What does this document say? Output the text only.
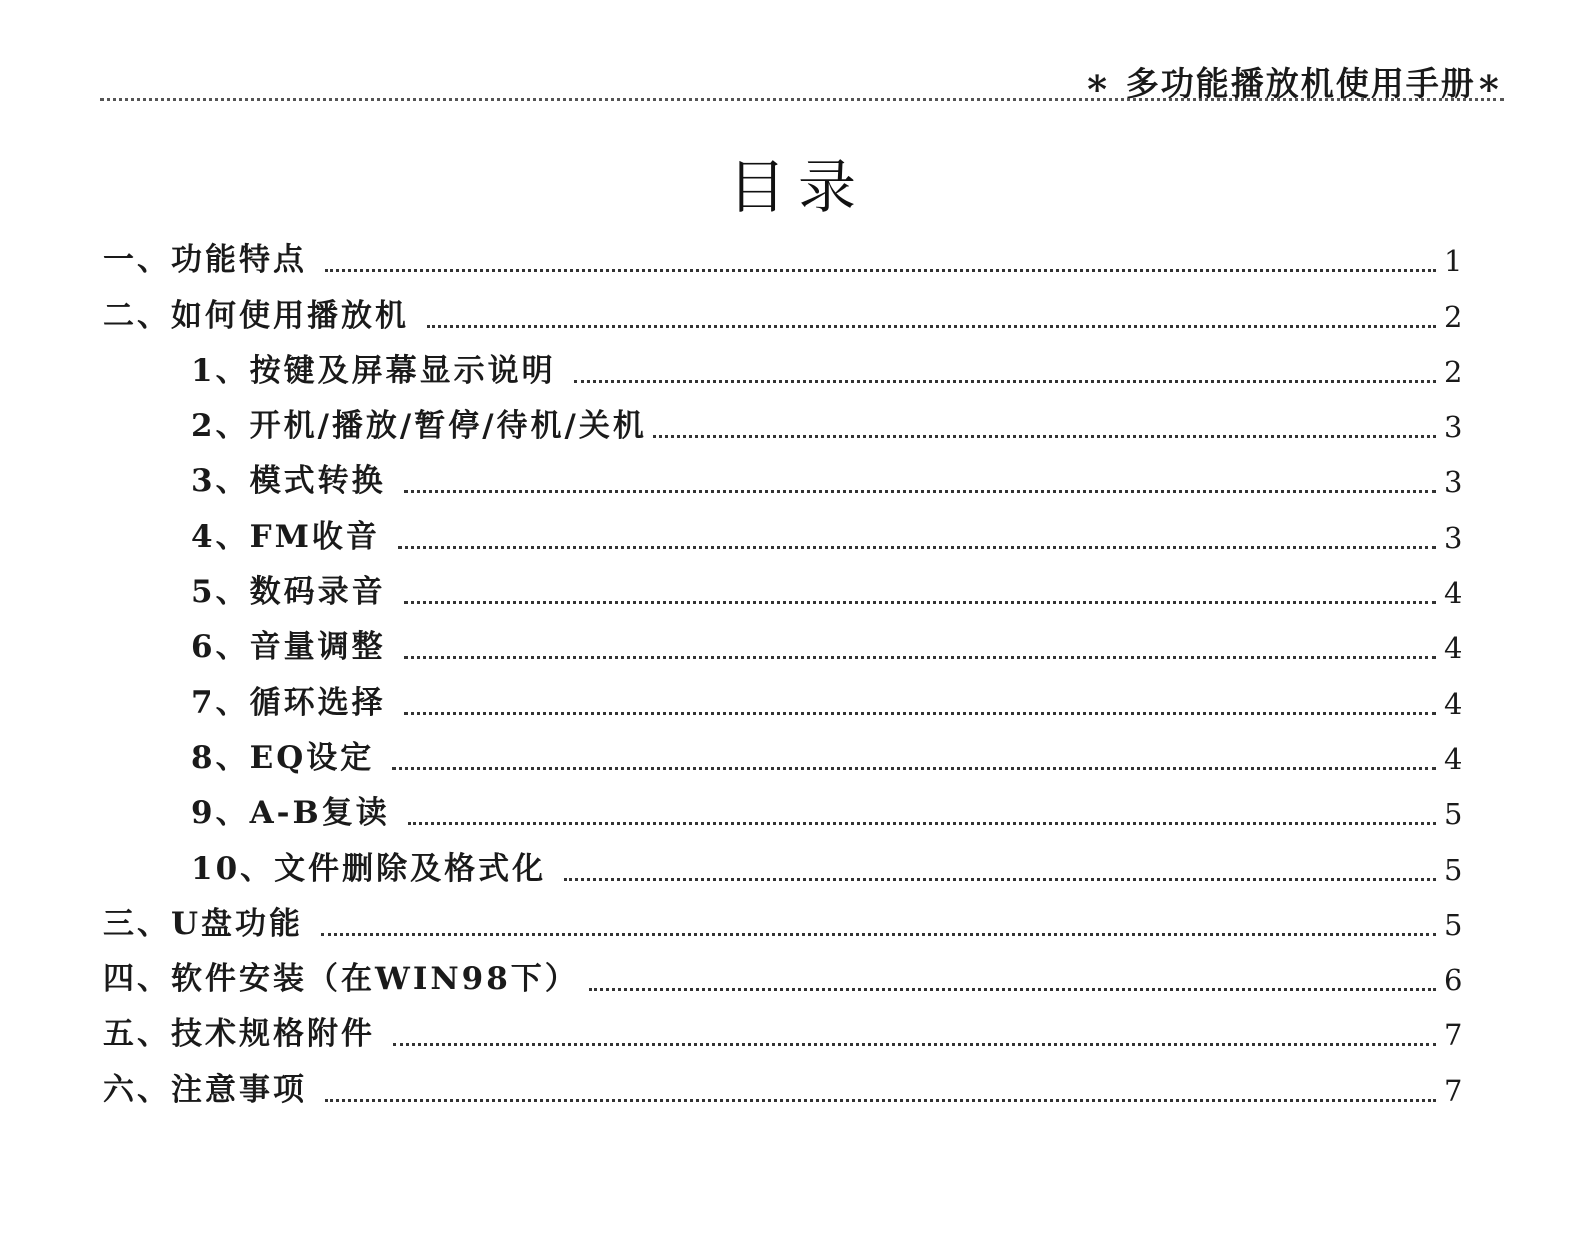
∗ 多功能播放机使用手册∗
目录
一、功能特点	1
二、如何使用播放机	2
1、按键及屏幕显示说明	2
2、开机/播放/暂停/待机/关机	3
3、模式转换	3
4、FM收音	3
5、数码录音	4
6、音量调整	4
7、循环选择	4
8、EQ设定	4
9、A-B复读	5
10、文件删除及格式化	5
三、U盘功能	5
四、软件安装（在WIN98下）	6
五、技术规格附件	7
六、注意事项	7
